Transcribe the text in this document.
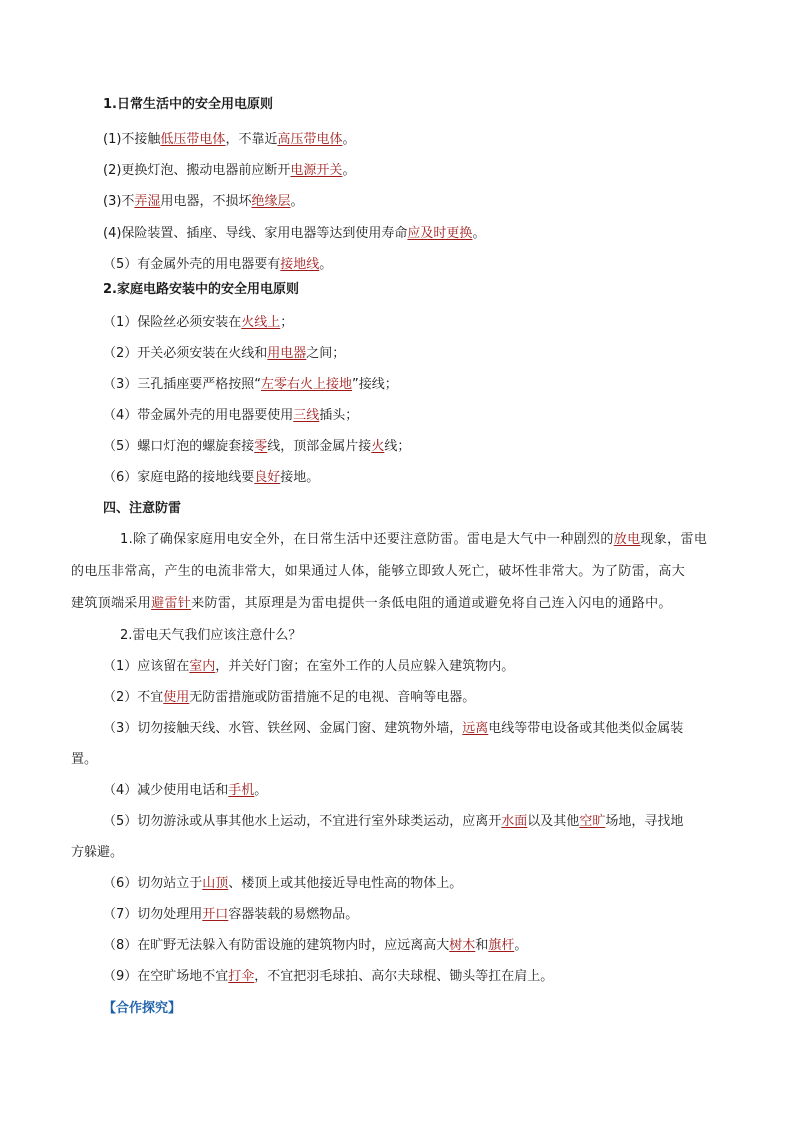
1.日常生活中的安全用电原则
(1)不接触低压带电体，不靠近高压带电体。
(2)更换灯泡、搬动电器前应断开电源开关。
(3)不弄湿用电器，不损坏绝缘层。
(4)保险装置、插座、导线、家用电器等达到使用寿命应及时更换。
（5）有金属外壳的用电器要有接地线。
2.家庭电路安装中的安全用电原则
（1）保险丝必须安装在火线上；
（2）开关必须安装在火线和用电器之间；
（3）三孔插座要严格按照“左零右火上接地”接线；
（4）带金属外壳的用电器要使用三线插头；
（5）螺口灯泡的螺旋套接零线，顶部金属片接火线；
（6）家庭电路的接地线要良好接地。
四、注意防雷
1.除了确保家庭用电安全外，在日常生活中还要注意防雷。雷电是大气中一种剧烈的放电现象，雷电
的电压非常高，产生的电流非常大，如果通过人体，能够立即致人死亡，破坏性非常大。为了防雷，高大
建筑顶端采用避雷针来防雷，其原理是为雷电提供一条低电阻的通道或避免将自己连入闪电的通路中。
2.雷电天气我们应该注意什么？
（1）应该留在室内，并关好门窗；在室外工作的人员应躲入建筑物内。
（2）不宜使用无防雷措施或防雷措施不足的电视、音响等电器。
（3）切勿接触天线、水管、铁丝网、金属门窗、建筑物外墙，远离电线等带电设备或其他类似金属装
置。
（4）减少使用电话和手机。
（5）切勿游泳或从事其他水上运动，不宜进行室外球类运动，应离开水面以及其他空旷场地，寻找地
方躲避。
（6）切勿站立于山顶、楼顶上或其他接近导电性高的物体上。
（7）切勿处理用开口容器装载的易燃物品。
（8）在旷野无法躲入有防雷设施的建筑物内时，应远离高大树木和旗杆。
（9）在空旷场地不宜打伞，不宜把羽毛球拍、高尔夫球棍、锄头等扛在肩上。
【合作探究】
